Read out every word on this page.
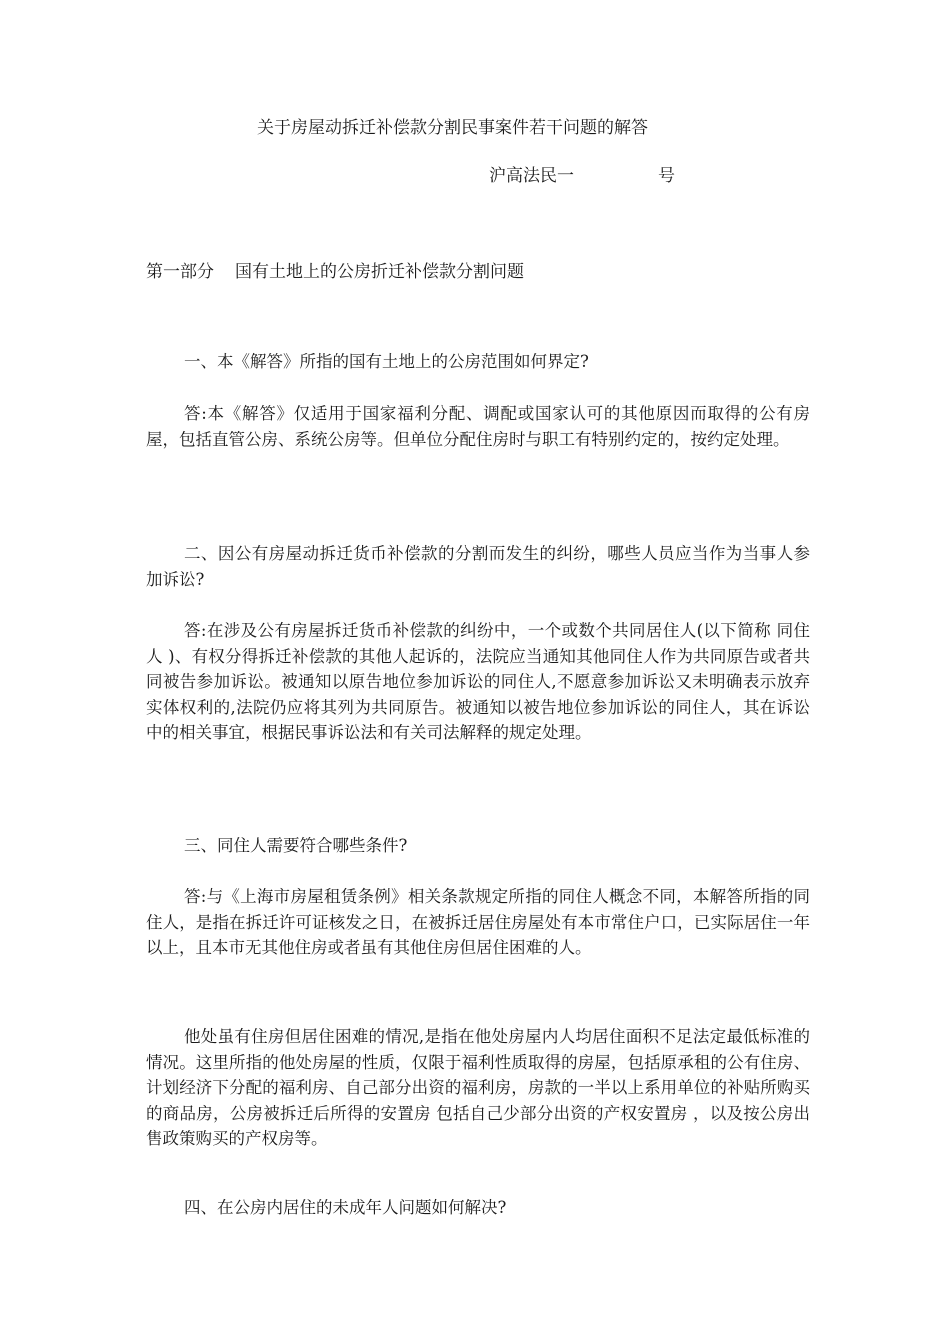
关于房屋动拆迁补偿款分割民事案件若干问题的解答
沪高法民一	号
第一部分 国有土地上的公房折迁补偿款分割问题

一、本《解答》所指的国有土地上的公房范围如何界定?

答:本《解答》仅适用于国家福利分配、调配或国家认可的其他原因而取得的公有房屋，包括直管公房、系统公房等。但单位分配住房时与职工有特别约定的，按约定处理。

二、因公有房屋动拆迁货币补偿款的分割而发生的纠纷，哪些人员应当作为当事人参加诉讼?

答:在涉及公有房屋拆迁货币补偿款的纠纷中，一个或数个共同居住人(以下简称 同住人 )、有权分得拆迁补偿款的其他人起诉的，法院应当通知其他同住人作为共同原告或者共同被告参加诉讼。被通知以原告地位参加诉讼的同住人,不愿意参加诉讼又未明确表示放弃实体权利的,法院仍应将其列为共同原告。被通知以被告地位参加诉讼的同住人，其在诉讼中的相关事宜，根据民事诉讼法和有关司法解释的规定处理。

三、同住人需要符合哪些条件?

答:与《上海市房屋租赁条例》相关条款规定所指的同住人概念不同，本解答所指的同住人，是指在拆迁许可证核发之日，在被拆迁居住房屋处有本市常住户口，已实际居住一年以上，且本市无其他住房或者虽有其他住房但居住困难的人。

他处虽有住房但居住困难的情况,是指在他处房屋内人均居住面积不足法定最低标准的情况。这里所指的他处房屋的性质，仅限于福利性质取得的房屋，包括原承租的公有住房、计划经济下分配的福利房、自己部分出资的福利房，房款的一半以上系用单位的补贴所购买的商品房，公房被拆迁后所得的安置房 包括自己少部分出资的产权安置房 ，以及按公房出售政策购买的产权房等。

四、在公房内居住的未成年人问题如何解决?
